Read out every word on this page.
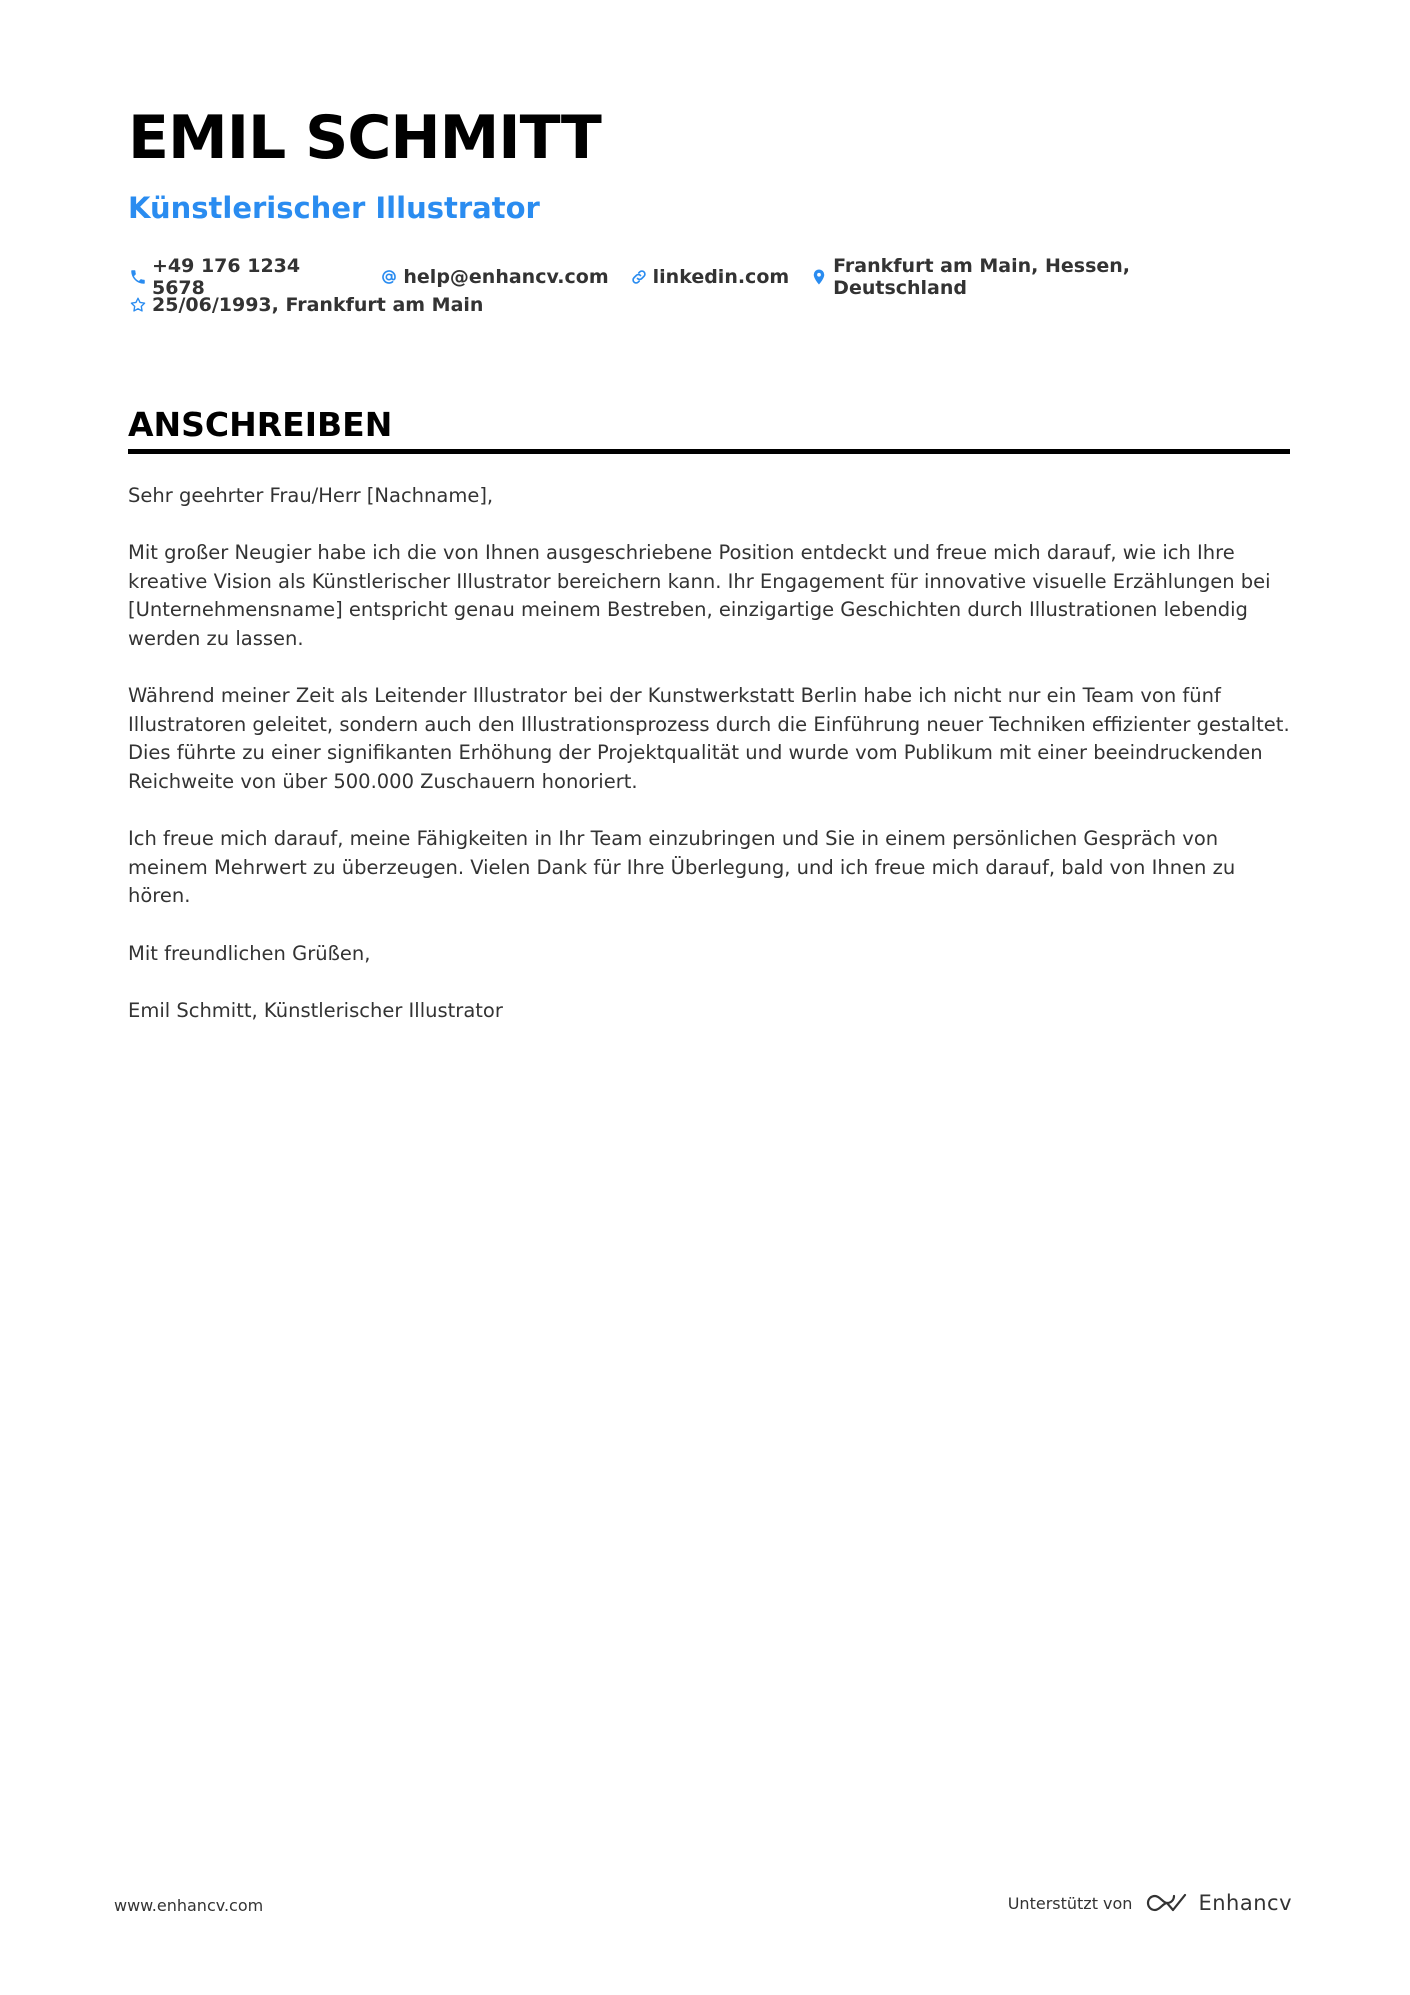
EMIL SCHMITT
Künstlerischer Illustrator
+49 176 1234 5678	help@enhancv.com linkedin.com Frankfurt am Main, Hessen, Deutschland
25/06/1993, Frankfurt am Main
ANSCHREIBEN

Sehr geehrter Frau/Herr [Nachname],

Mit großer Neugier habe ich die von Ihnen ausgeschriebene Position entdeckt und freue mich darauf, wie ich Ihre kreative Vision als Künstlerischer Illustrator bereichern kann. Ihr Engagement für innovative visuelle Erzählungen bei [Unternehmensname] entspricht genau meinem Bestreben, einzigartige Geschichten durch Illustrationen lebendig werden zu lassen.

Während meiner Zeit als Leitender Illustrator bei der Kunstwerkstatt Berlin habe ich nicht nur ein Team von fünf Illustratoren geleitet, sondern auch den Illustrationsprozess durch die Einführung neuer Techniken effizienter gestaltet. Dies führte zu einer signifikanten Erhöhung der Projektqualität und wurde vom Publikum mit einer beeindruckenden Reichweite von über 500.000 Zuschauern honoriert.

Ich freue mich darauf, meine Fähigkeiten in Ihr Team einzubringen und Sie in einem persönlichen Gespräch von meinem Mehrwert zu überzeugen. Vielen Dank für Ihre Überlegung, und ich freue mich darauf, bald von Ihnen zu hören.

Mit freundlichen Grüßen,

Emil Schmitt, Künstlerischer Illustrator

www.enhancv.com	Unterstützt von	Enhancv
